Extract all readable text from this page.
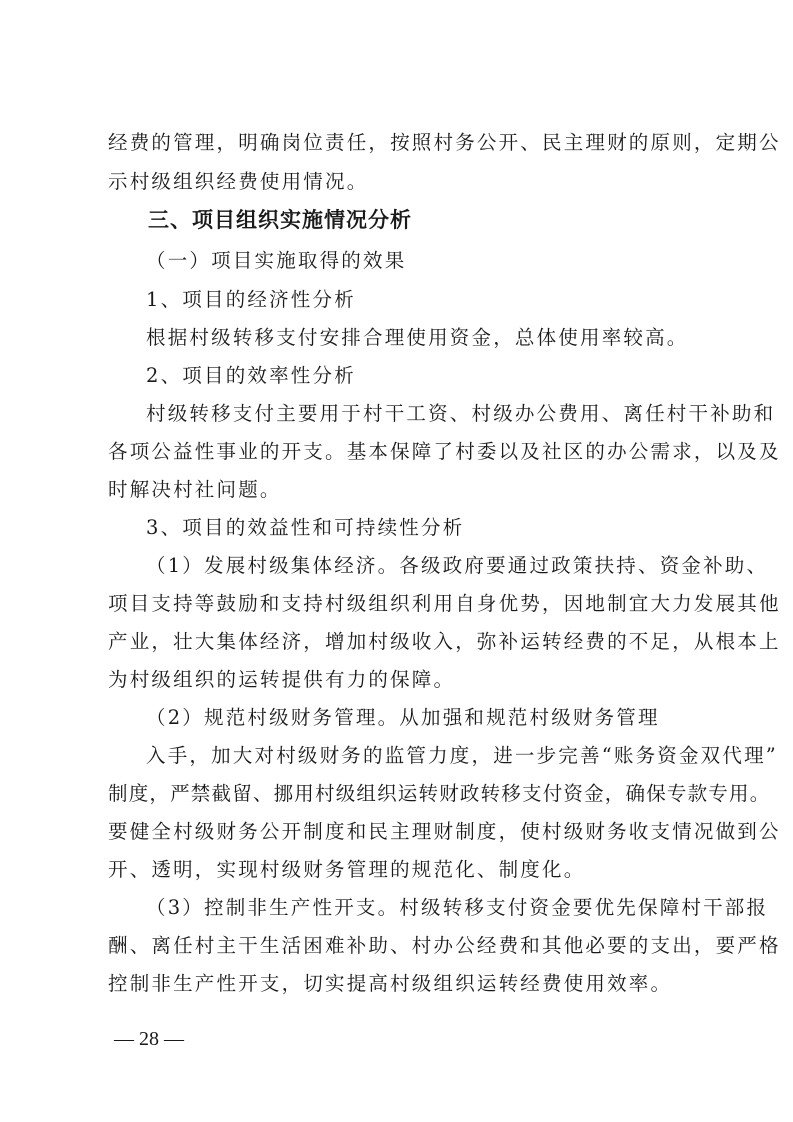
经费的管理，明确岗位责任，按照村务公开、民主理财的原则，定期公
示村级组织经费使用情况。
三、项目组织实施情况分析
（一）项目实施取得的效果
1、项目的经济性分析
根据村级转移支付安排合理使用资金，总体使用率较高。
2、项目的效率性分析
村级转移支付主要用于村干工资、村级办公费用、离任村干补助和
各项公益性事业的开支。基本保障了村委以及社区的办公需求，以及及
时解决村社问题。
3、项目的效益性和可持续性分析
（1）发展村级集体经济。各级政府要通过政策扶持、资金补助、
项目支持等鼓励和支持村级组织利用自身优势，因地制宜大力发展其他
产业，壮大集体经济，增加村级收入，弥补运转经费的不足，从根本上
为村级组织的运转提供有力的保障。
（2）规范村级财务管理。从加强和规范村级财务管理
入手，加大对村级财务的监管力度，进一步完善“账务资金双代理”
制度，严禁截留、挪用村级组织运转财政转移支付资金，确保专款专用。
要健全村级财务公开制度和民主理财制度，使村级财务收支情况做到公
开、透明，实现村级财务管理的规范化、制度化。
（3）控制非生产性开支。村级转移支付资金要优先保障村干部报
酬、离任村主干生活困难补助、村办公经费和其他必要的支出，要严格
控制非生产性开支，切实提高村级组织运转经费使用效率。
— 28 —
